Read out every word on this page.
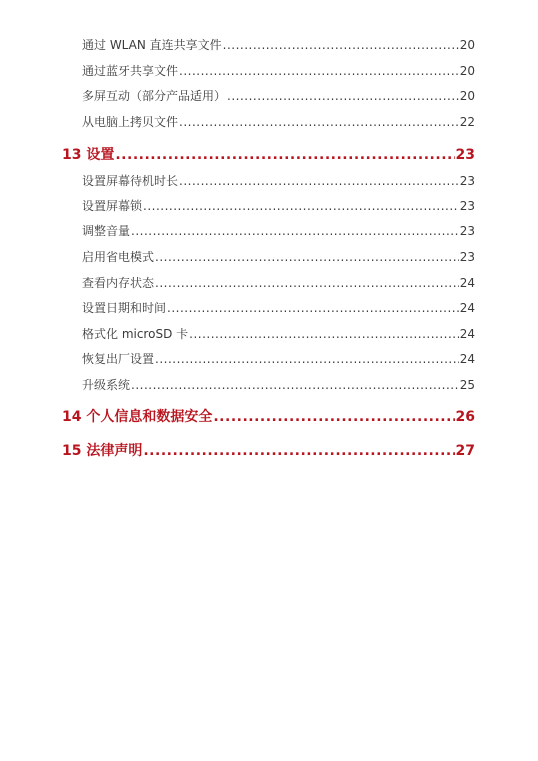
通过 WLAN 直连共享文件 .....	20
通过蓝牙共享文件 .....	20
多屏互动（部分产品适用） .....	20
从电脑上拷贝文件 .....	22
13 设置 .....	23
设置屏幕待机时长 .....	23
设置屏幕锁 .....	23
调整音量 .....	23
启用省电模式 .....	23
查看内存状态 .....	24
设置日期和时间 .....	24
格式化 microSD 卡 .....	24
恢复出厂设置 .....	24
升级系统 .....	25
14 个人信息和数据安全 .....	26
15 法律声明 .....	27
